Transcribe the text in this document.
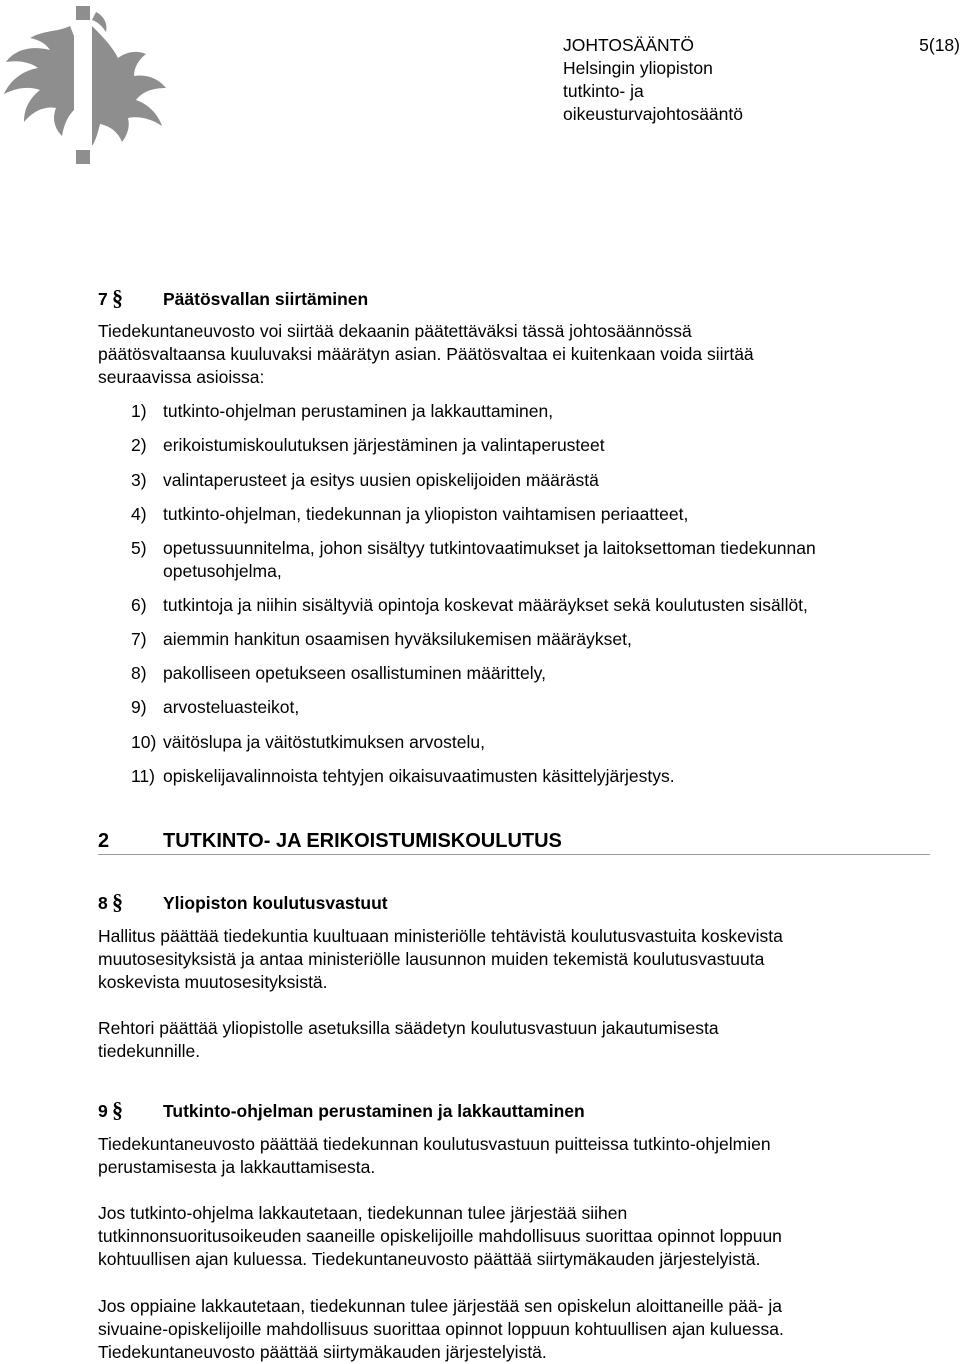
JOHTOSÄÄNTÖ
Helsingin yliopiston
tutkinto- ja
oikeusturvajohtosääntö
5(18)
7 § Päätösvallan siirtäminen
Tiedekuntaneuvosto voi siirtää dekaanin päätettäväksi tässä johtosäännössä
päätösvaltaansa kuuluvaksi määrätyn asian. Päätösvaltaa ei kuitenkaan voida siirtää
seuraavissa asioissa:
1) tutkinto-ohjelman perustaminen ja lakkauttaminen,
2) erikoistumiskoulutuksen järjestäminen ja valintaperusteet
3) valintaperusteet ja esitys uusien opiskelijoiden määrästä
4) tutkinto-ohjelman, tiedekunnan ja yliopiston vaihtamisen periaatteet,
5) opetussuunnitelma, johon sisältyy tutkintovaatimukset ja laitoksettoman tiedekunnan
opetusohjelma,
6) tutkintoja ja niihin sisältyviä opintoja koskevat määräykset sekä koulutusten sisällöt,
7) aiemmin hankitun osaamisen hyväksilukemisen määräykset,
8) pakolliseen opetukseen osallistuminen määrittely,
9) arvosteluasteikot,
10) väitöslupa ja väitöstutkimuksen arvostelu,
11) opiskelijavalinnoista tehtyjen oikaisuvaatimusten käsittelyjärjestys.
2	TUTKINTO- JA ERIKOISTUMISKOULUTUS
8 § Yliopiston koulutusvastuut
Hallitus päättää tiedekuntia kuultuaan ministeriölle tehtävistä koulutusvastuita koskevista
muutosesityksistä ja antaa ministeriölle lausunnon muiden tekemistä koulutusvastuuta
koskevista muutosesityksistä.
Rehtori päättää yliopistolle asetuksilla säädetyn koulutusvastuun jakautumisesta
tiedekunnille.
9 § Tutkinto-ohjelman perustaminen ja lakkauttaminen
Tiedekuntaneuvosto päättää tiedekunnan koulutusvastuun puitteissa tutkinto-ohjelmien
perustamisesta ja lakkauttamisesta.
Jos tutkinto-ohjelma lakkautetaan, tiedekunnan tulee järjestää siihen
tutkinnonsuoritusoikeuden saaneille opiskelijoille mahdollisuus suorittaa opinnot loppuun
kohtuullisen ajan kuluessa. Tiedekuntaneuvosto päättää siirtymäkauden järjestelyistä.
Jos oppiaine lakkautetaan, tiedekunnan tulee järjestää sen opiskelun aloittaneille pää- ja
sivuaine-opiskelijoille mahdollisuus suorittaa opinnot loppuun kohtuullisen ajan kuluessa.
Tiedekuntaneuvosto päättää siirtymäkauden järjestelyistä.
